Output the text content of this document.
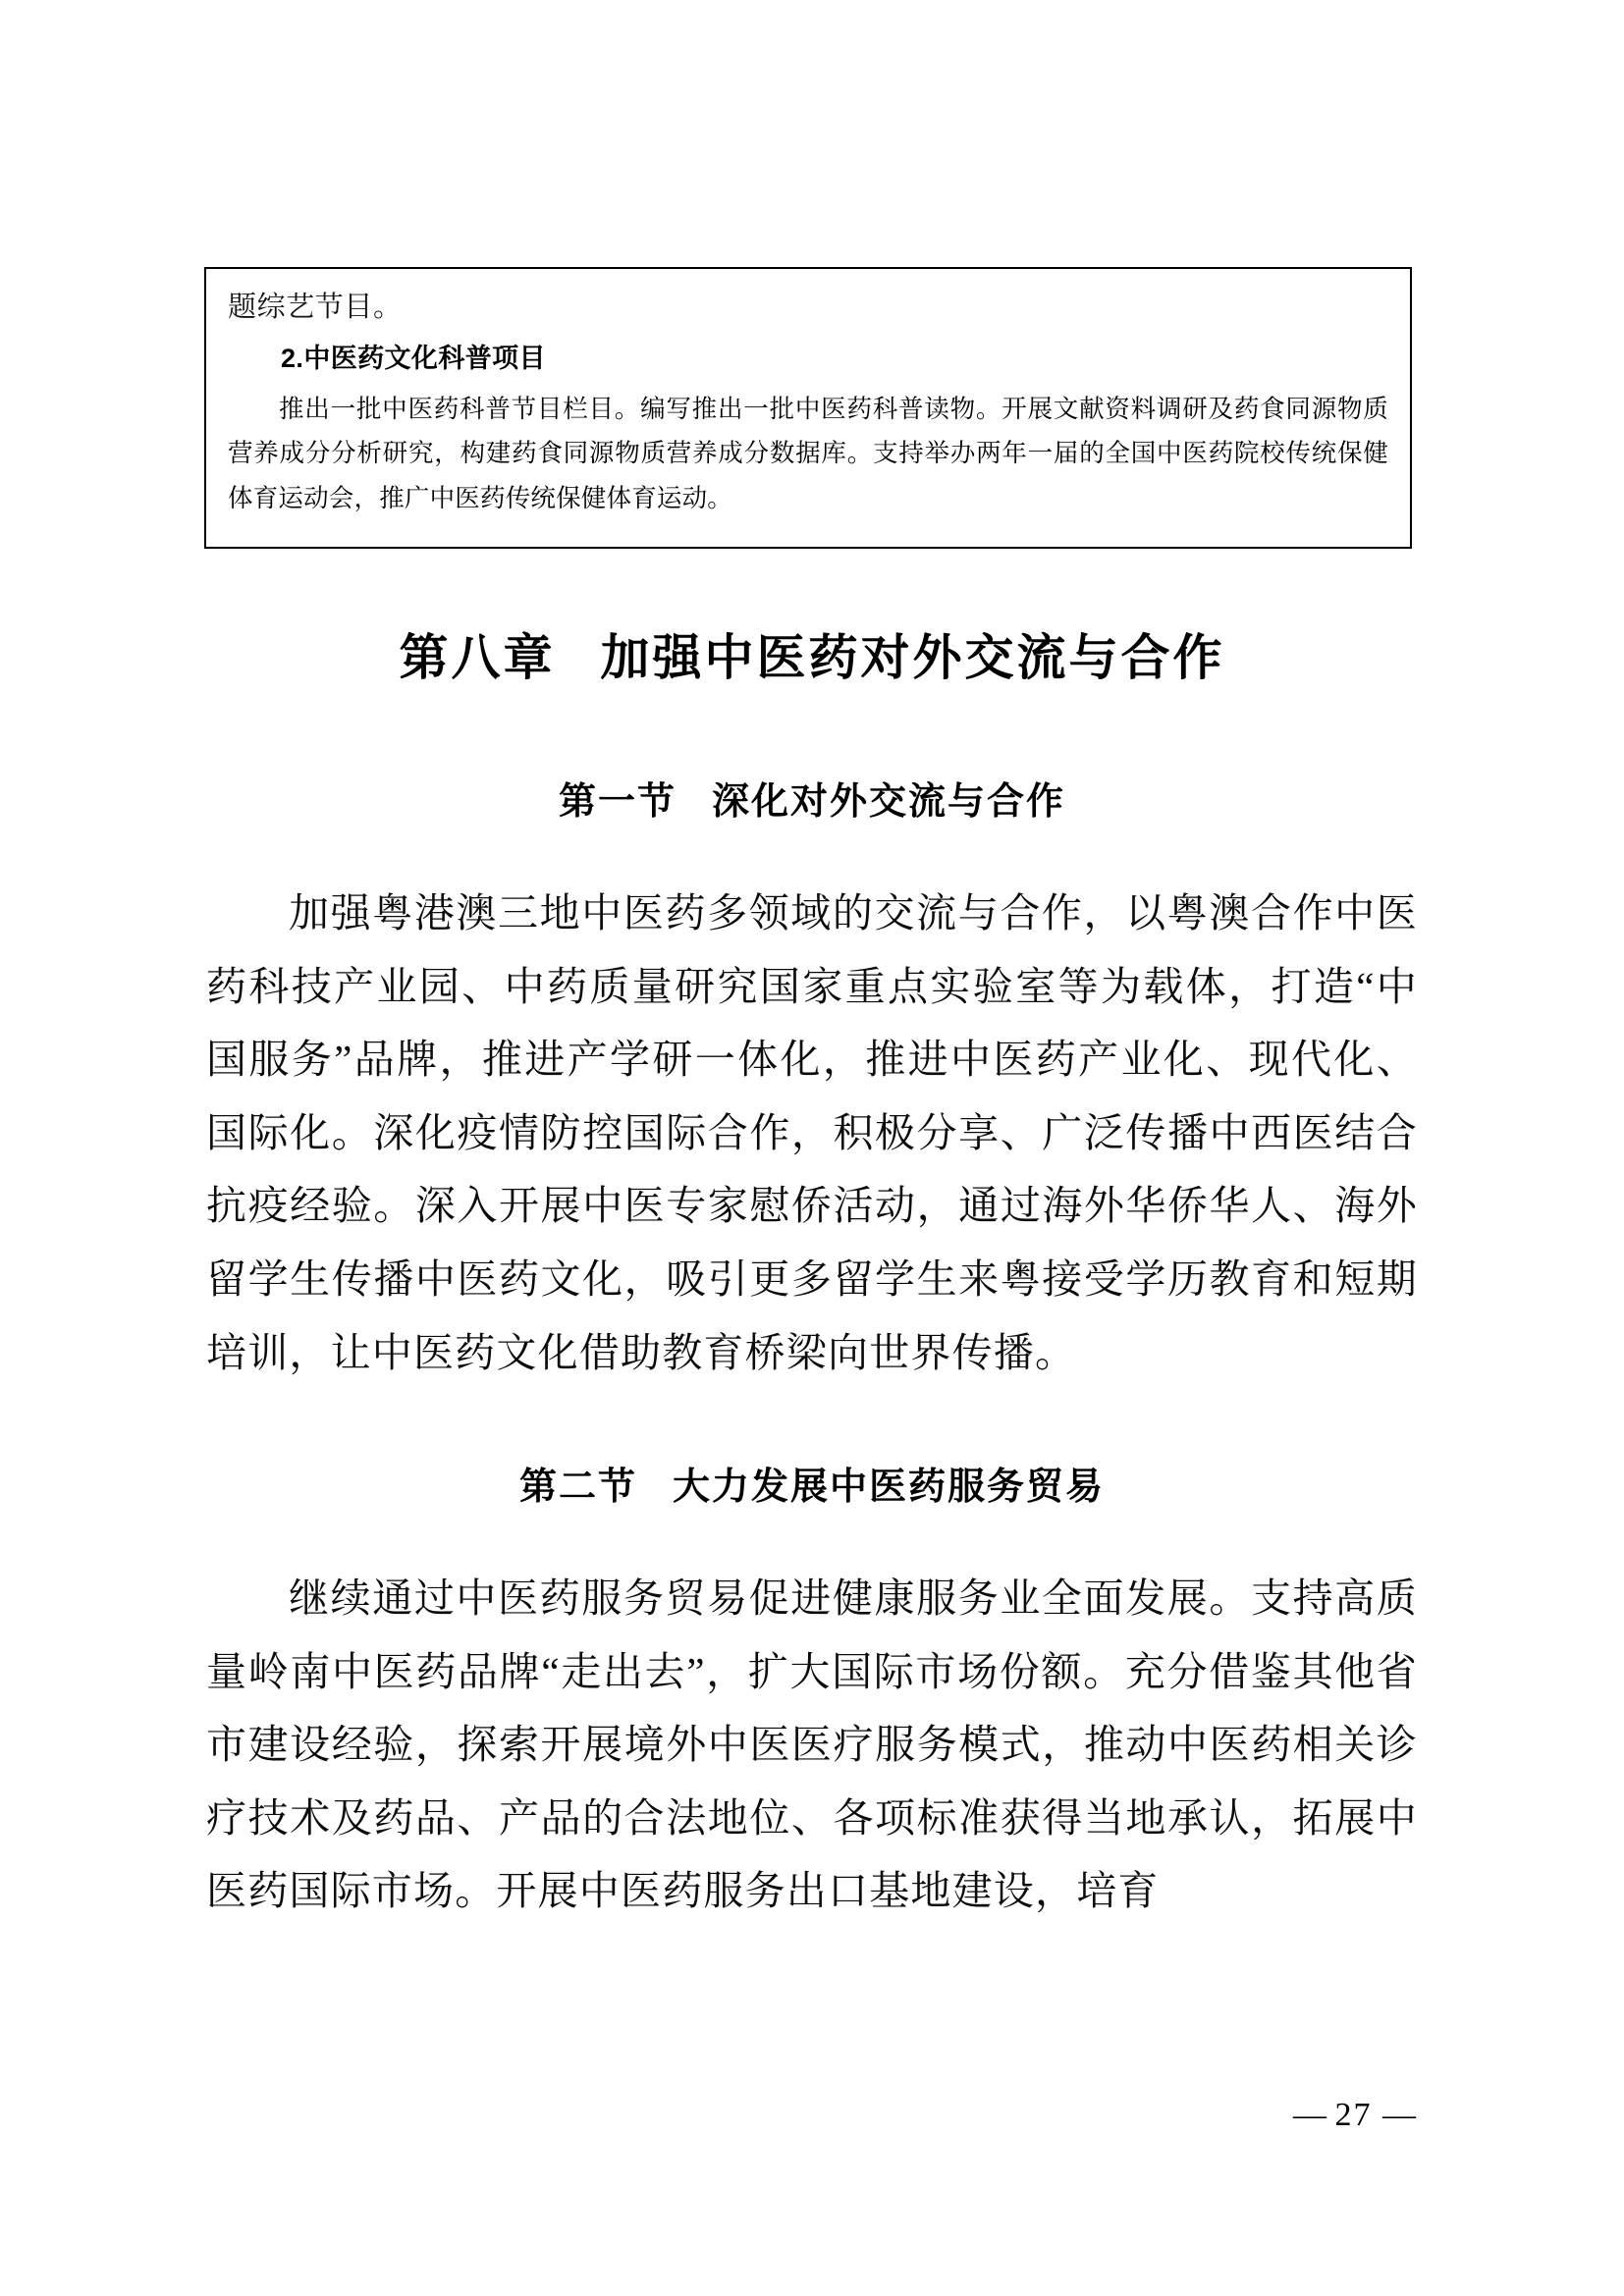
题综艺节目。
2.中医药文化科普项目
推出一批中医药科普节目栏目。编写推出一批中医药科普读物。开展文献资料调研及药食同源物质营养成分分析研究，构建药食同源物质营养成分数据库。支持举办两年一届的全国中医药院校传统保健体育运动会，推广中医药传统保健体育运动。
第八章 加强中医药对外交流与合作
第一节 深化对外交流与合作
加强粤港澳三地中医药多领域的交流与合作，以粤澳合作中医药科技产业园、中药质量研究国家重点实验室等为载体，打造“中国服务”品牌，推进产学研一体化，推进中医药产业化、现代化、国际化。深化疫情防控国际合作，积极分享、广泛传播中西医结合抗疫经验。深入开展中医专家慰侨活动，通过海外华侨华人、海外留学生传播中医药文化，吸引更多留学生来粤接受学历教育和短期培训，让中医药文化借助教育桥梁向世界传播。
第二节 大力发展中医药服务贸易
继续通过中医药服务贸易促进健康服务业全面发展。支持高质量岭南中医药品牌“走出去”，扩大国际市场份额。充分借鉴其他省市建设经验，探索开展境外中医医疗服务模式，推动中医药相关诊疗技术及药品、产品的合法地位、各项标准获得当地承认，拓展中医药国际市场。开展中医药服务出口基地建设，培育
— 27 —
